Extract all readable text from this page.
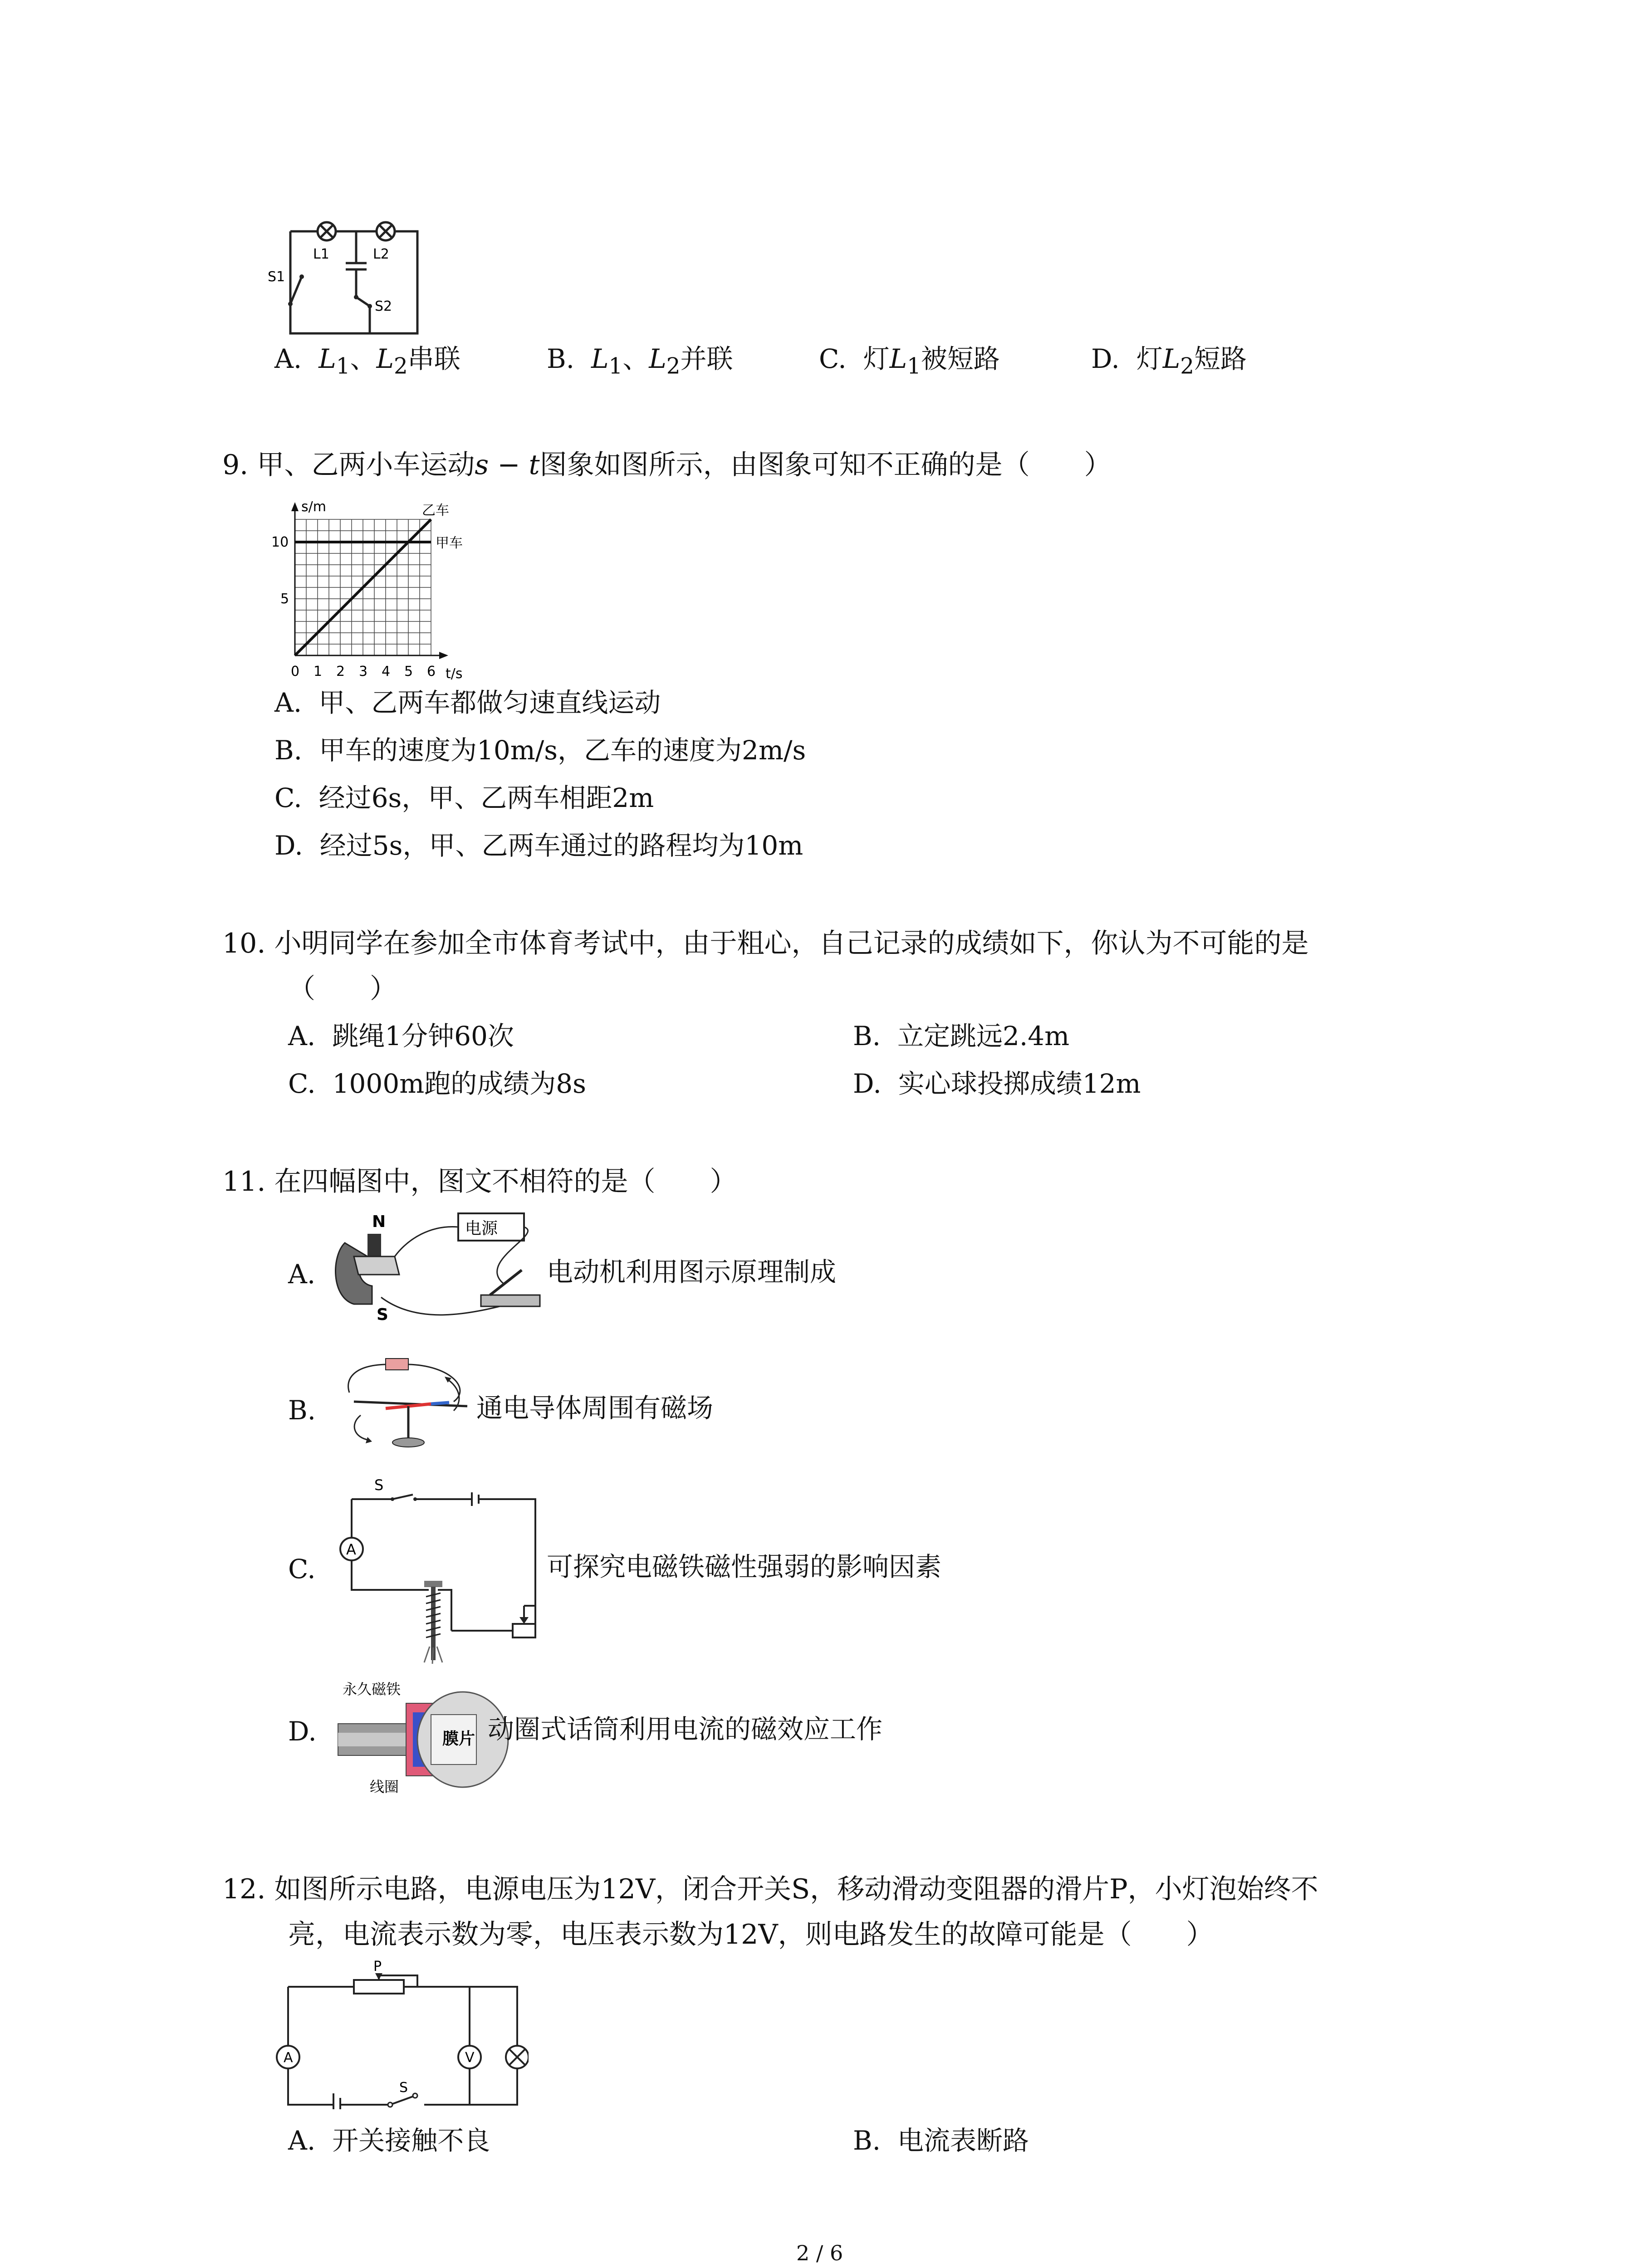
L1	L2
S1
S2
A. $L_1$、$L_2$串联	B. $L_1$、$L_2$并联	C. 灯$L_1$被短路	D. 灯$L_2$短路
9. 甲、乙两小车运动s − t图象如图所示，由图象可知不正确的是（　　）
甲车
乙车
0 1 2 3 4 5 6
5
10
s/m
t/s
A. 甲、乙两车都做匀速直线运动
B. 甲车的速度为10m/s，乙车的速度为2m/s
C. 经过6s，甲、乙两车相距2m
D. 经过5s，甲、乙两车通过的路程均为10m
10. 小明同学在参加全市体育考试中，由于粗心，自己记录的成绩如下，你认为不可能的是
（　　）
A. 跳绳1分钟60次	B. 立定跳远2.4m
C. 1000m跑的成绩为8s	D. 实心球投掷成绩12m
11. 在四幅图中，图文不相符的是（　　）
A.
电源
N
S
电动机利用图示原理制成
B.	通电导体周围有磁场
C.
S
A
可探究电磁铁磁性强弱的影响因素
D.
永久磁铁
膜片
线圈
动圈式话筒利用电流的磁效应工作
12. 如图所示电路，电源电压为12V，闭合开关S，移动滑动变阻器的滑片P，小灯泡始终不
亮，电流表示数为零，电压表示数为12V，则电路发生的故障可能是（　　）
P
A	V
S
A. 开关接触不良	B. 电流表断路
2 / 6
